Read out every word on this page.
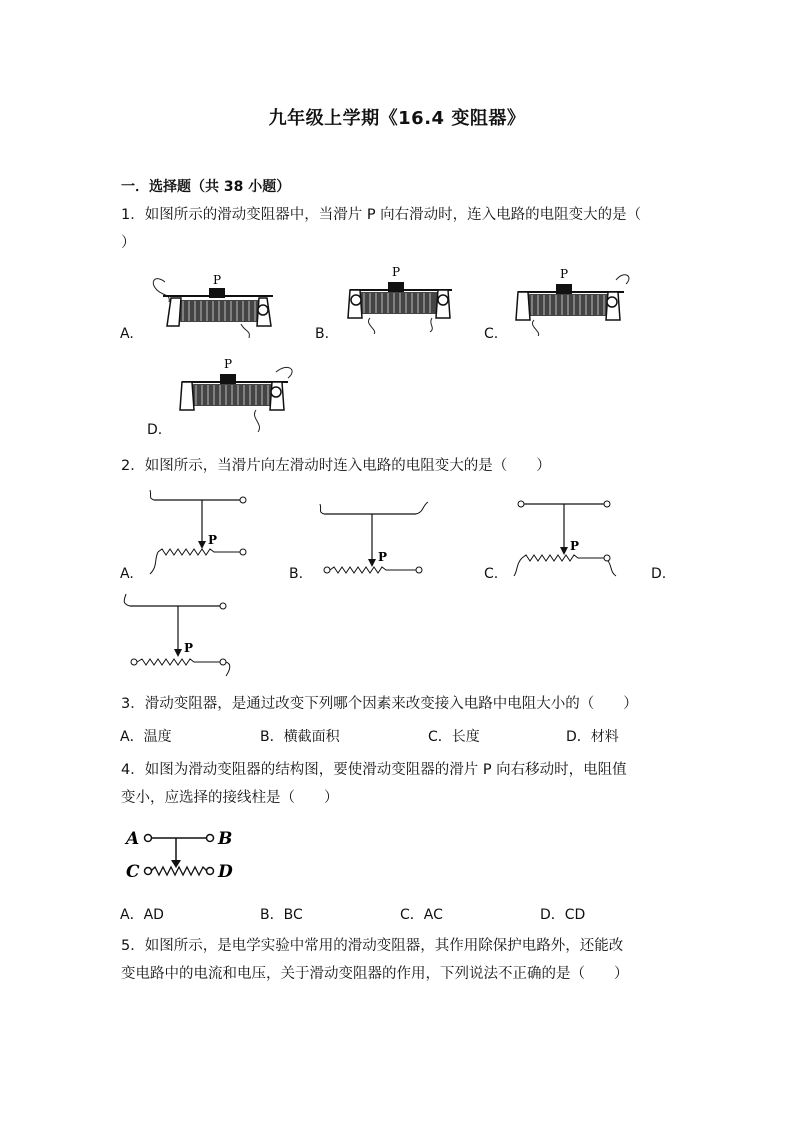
九年级上学期《16.4 变阻器》
一．选择题（共 38 小题）
1．如图所示的滑动变阻器中，当滑片 P 向右滑动时，连入电路的电阻变大的是（
）
A.	B.	C.
D.
P
P	P
P
2．如图所示，当滑片向左滑动时连入电路的电阻变大的是（　　）
P
P
P
A.	B.	C.	D.
P
3．滑动变阻器，是通过改变下列哪个因素来改变接入电路中电阻大小的（　　）
A．温度	B．横截面积	C．长度	D．材料
4．如图为滑动变阻器的结构图，要使滑动变阻器的滑片 P 向右移动时，电阻值
变小，应选择的接线柱是（　　）
A	B
C	D
A．AD	B．BC	C．AC	D．CD
5．如图所示，是电学实验中常用的滑动变阻器，其作用除保护电路外，还能改
变电路中的电流和电压，关于滑动变阻器的作用，下列说法不正确的是（　　）
